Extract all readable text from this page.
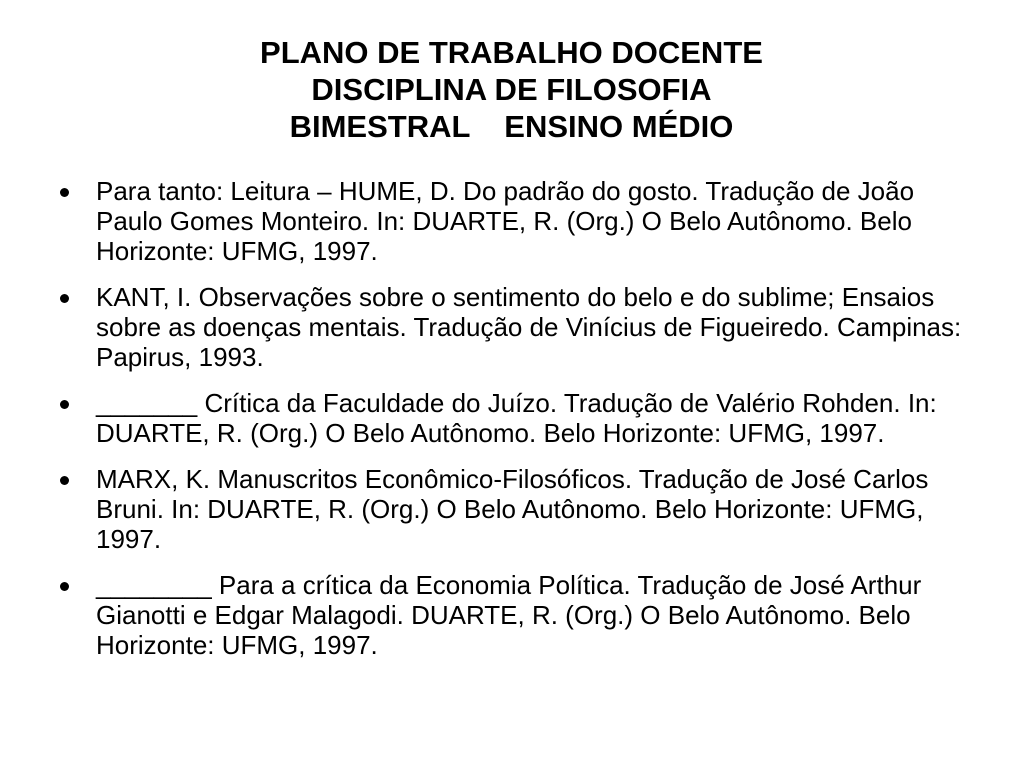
PLANO DE TRABALHO DOCENTE
DISCIPLINA DE FILOSOFIA
BIMESTRAL    ENSINO MÉDIO
Para tanto: Leitura – HUME, D. Do padrão do gosto. Tradução de João Paulo Gomes Monteiro. In: DUARTE, R. (Org.) O Belo Autônomo. Belo Horizonte: UFMG, 1997.
KANT, I. Observações sobre o sentimento do belo e do sublime; Ensaios sobre as doenças mentais. Tradução de Vinícius de Figueiredo. Campinas: Papirus, 1993.
_______ Crítica da Faculdade do Juízo. Tradução de Valério Rohden. In: DUARTE, R. (Org.) O Belo Autônomo. Belo Horizonte: UFMG, 1997.
MARX, K. Manuscritos Econômico-Filosóficos. Tradução de José Carlos Bruni. In: DUARTE, R. (Org.) O Belo Autônomo. Belo Horizonte: UFMG, 1997.
________ Para a crítica da Economia Política. Tradução de José Arthur Gianotti e Edgar Malagodi. DUARTE, R. (Org.) O Belo Autônomo. Belo Horizonte: UFMG, 1997.
